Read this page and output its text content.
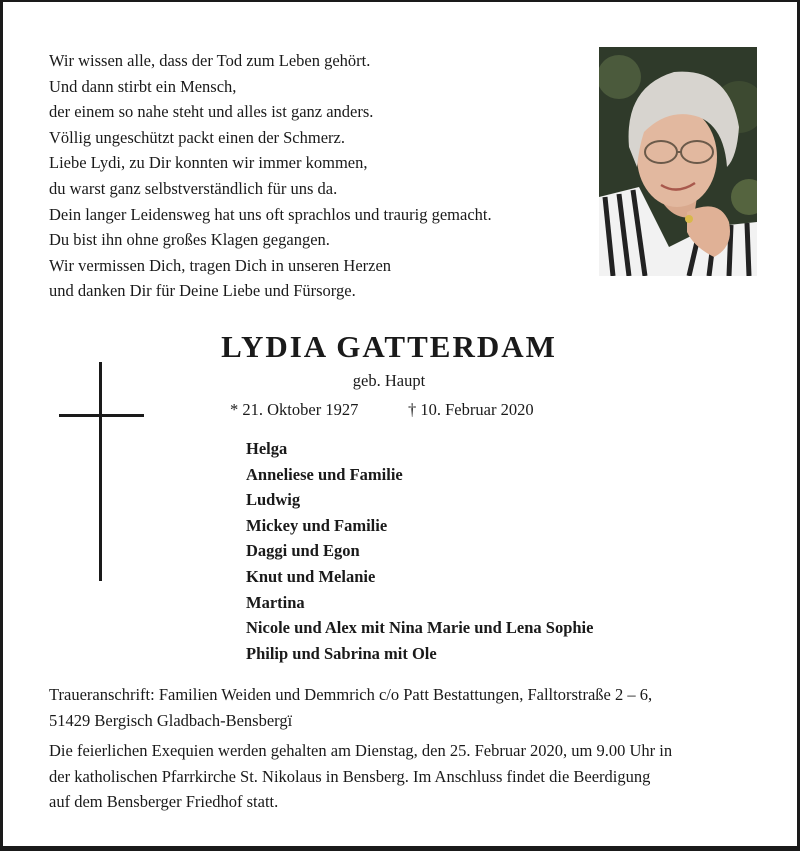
Wir wissen alle, dass der Tod zum Leben gehört.
Und dann stirbt ein Mensch,
der einem so nahe steht und alles ist ganz anders.
Völlig ungeschützt packt einen der Schmerz.
Liebe Lydi, zu Dir konnten wir immer kommen,
du warst ganz selbstverständlich für uns da.
Dein langer Leidensweg hat uns oft sprachlos und traurig gemacht.
Du bist ihn ohne großes Klagen gegangen.
Wir vermissen Dich, tragen Dich in unseren Herzen
und danken Dir für Deine Liebe und Fürsorge.
LYDIA GATTERDAM
geb. Haupt
* 21. Oktober 1927	† 10. Februar 2020
Helga
Anneliese und Familie
Ludwig
Mickey und Familie
Daggi und Egon
Knut und Melanie
Martina
Nicole und Alex mit Nina Marie und Lena Sophie
Philip und Sabrina mit Ole
Traueranschrift: Familien Weiden und Demmrich c/o Patt Bestattungen, Falltorstraße 2 – 6,
51429 Bergisch Gladbach-Bensbergï
Die feierlichen Exequien werden gehalten am Dienstag, den 25. Februar 2020, um 9.00 Uhr in
der katholischen Pfarrkirche St. Nikolaus in Bensberg. Im Anschluss findet die Beerdigung
auf dem Bensberger Friedhof statt.
